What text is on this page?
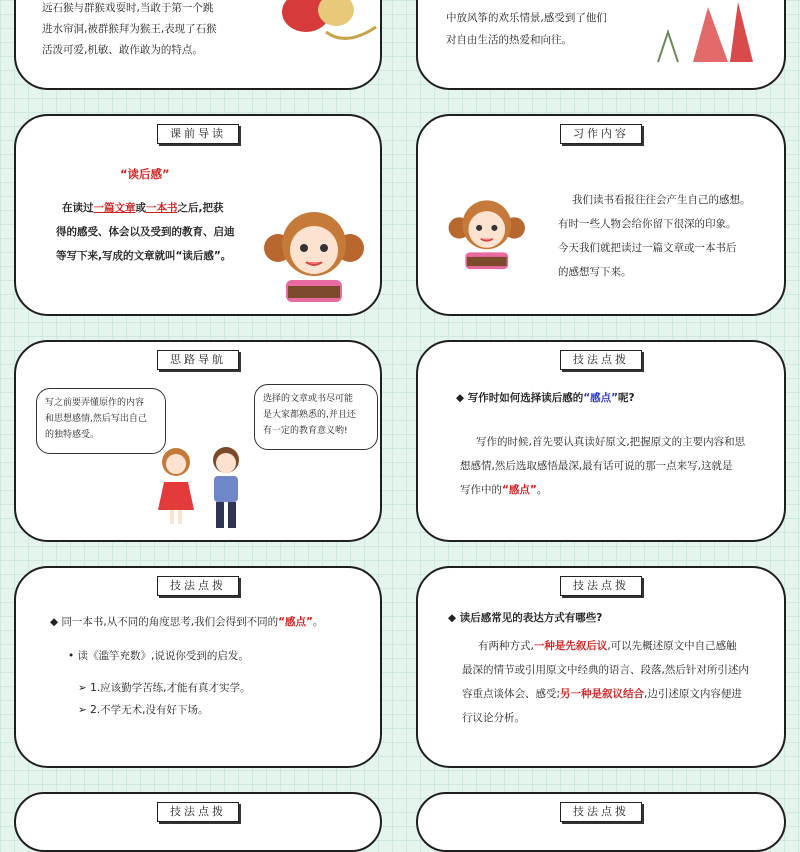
远石猴与群猴戏耍时,当敢于第一个跳
进水帘洞,被群猴拜为猴王,表现了石猴
活泼可爱,机敏、敢作敢为的特点。
中放风筝的欢乐情景,感受到了他们
对自由生活的热爱和向往。
课前导读
“读后感”
在读过一篇文章或一本书之后,把获
得的感受、体会以及受到的教育、启迪
等写下来,写成的文章就叫“读后感”。
习作内容
我们读书看报往往会产生自己的感想。
有时一些人物会给你留下很深的印象。
今天我们就把读过一篇文章或一本书后
的感想写下来。
思路导航
写之前要弄懂原作的内容
和思想感情,然后写出自己
的独特感受。
选择的文章或书尽可能
是大家都熟悉的,并且还
有一定的教育意义哟!
技法点拨
◆ 写作时如何选择读后感的“感点”呢?
写作的时候,首先要认真读好原文,把握原文的主要内容和思
想感情,然后选取感悟最深,最有话可说的那一点来写,这就是
写作中的“感点”。
技法点拨
◆ 同一本书,从不同的角度思考,我们会得到不同的“感点”。
• 读《滥竽充数》,说说你受到的启发。
➢ 1.应该勤学苦练,才能有真才实学。
➢ 2.不学无术,没有好下场。
技法点拨
◆ 读后感常见的表达方式有哪些?
有两种方式,一种是先叙后议,可以先概述原文中自己感触
最深的情节或引用原文中经典的语言、段落,然后针对所引述内
容重点谈体会、感受;另一种是叙议结合,边引述原文内容便进
行议论分析。
技法点拨	技法点拨
